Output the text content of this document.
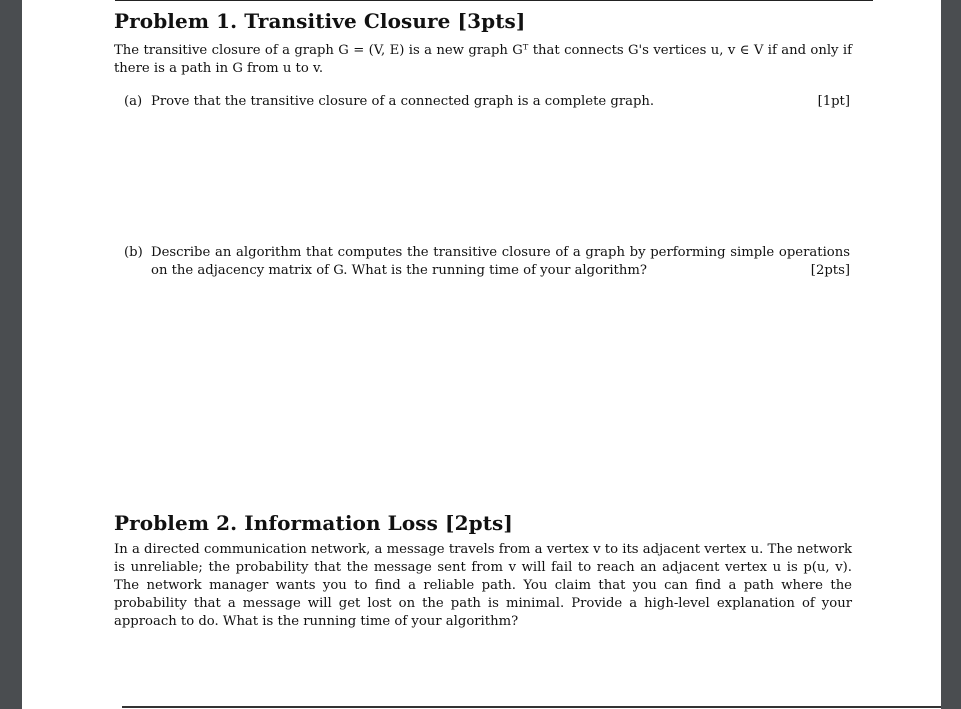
Problem 1. Transitive Closure [3pts]
The transitive closure of a graph G = (V, E) is a new graph Gᵀ that connects G's vertices u, v ∈ V if and only if there is a path in G from u to v.
(a)	[1pt]
Prove that the transitive closure of a connected graph is a complete graph.
(b) Describe an algorithm that computes the transitive closure of a graph by performing simple operations on the adjacency matrix of G. What is the running time of your algorithm?	[2pts]
Problem 2. Information Loss [2pts]
In a directed communication network, a message travels from a vertex v to its adjacent vertex u. The network is unreliable; the probability that the message sent from v will fail to reach an adjacent vertex u is p(u, v). The network manager wants you to find a reliable path. You claim that you can find a path where the probability that a message will get lost on the path is minimal. Provide a high-level explanation of your approach to do. What is the running time of your algorithm?
